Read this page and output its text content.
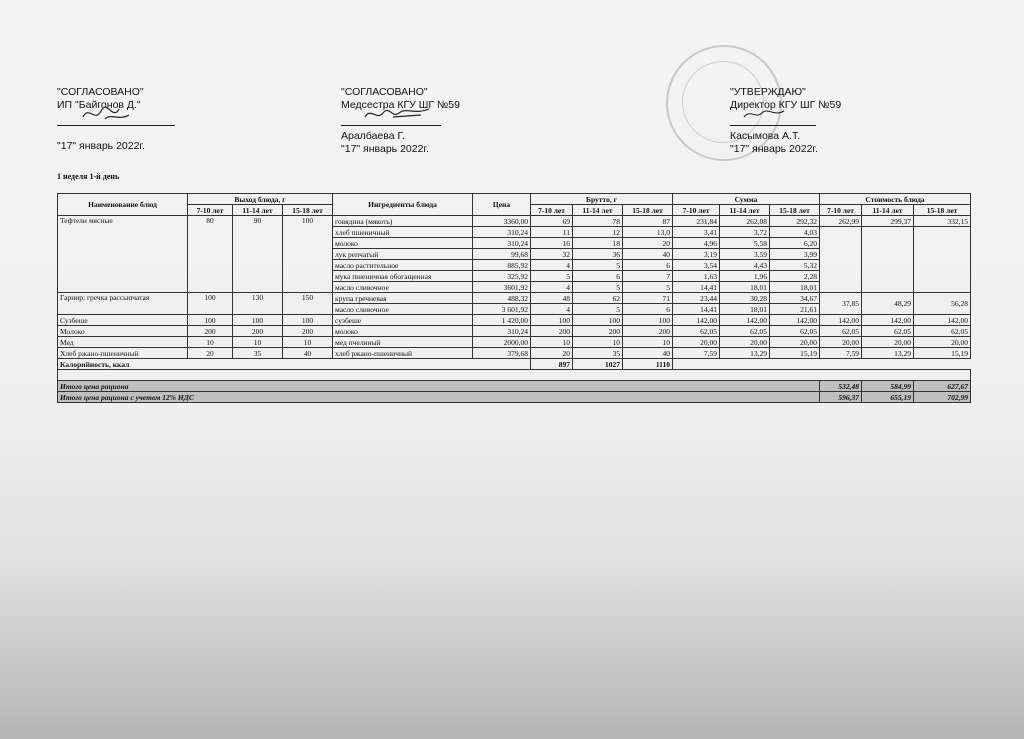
"СОГЛАСОВАНО"
ИП "Байгонов Д."
"17" январь 2022г.
"СОГЛАСОВАНО"
Медсестра КГУ ШГ №59
Аралбаева Г.
"17" январь 2022г.
"УТВЕРЖДАЮ"
Директор КГУ ШГ №59
Касымова А.Т.
"17" январь 2022г.
1 неделя 1-й день
Наименование блюд	Выход блюда, г			Ингредиенты блюда	Цена	Брутто, г			Сумма			Стоимость блюда		
	7-10 лет	11-14 лет	15-18 лет			7-10 лет	11-14 лет	15-18 лет	7-10 лет	11-14 лет	15-18 лет	7-10 лет	11-14 лет	15-18 лет
Тефтели мясные	80	90	100	говядина (мякоть)	3360,00	69	78	87	231,84	262,08	292,32	262,99	299,37	332,15
				хлеб пшеничный	310,24	11	12	13,0	3,41	3,72	4,03			
				молоко	310,24	16	18	20	4,96	5,58	6,20			
				лук репчатый	99,68	32	36	40	3,19	3,59	3,99			
				масло растительное	885,92	4	5	6	3,54	4,43	5,32			
				мука пшеничная обогащенная	325,92	5	6	7	1,63	1,96	2,28			
				масло сливочное	3601,92	4	5	5	14,41	18,01	18,01			
Гарнир: гречка рассыпчатая	100	130	150	крупа гречневая	488,32	48	62	71	23,44	30,28	34,67	37,85	48,29	56,28
				масло сливочное	3 601,92	4	5	6	14,41	18,01	21,61			
Сузбеше	100	100	100	сузбеше	1 420,00	100	100	100	142,00	142,00	142,00	142,00	142,00	142,00
Молоко	200	200	200	молоко	310,24	200	200	200	62,05	62,05	62,05	62,05	62,05	62,05
Мед	10	10	10	мед пчелиный	2000,00	10	10	10	20,00	20,00	20,00	20,00	20,00	20,00
Хлеб ржано-пшеничный	20	35	40	хлеб ржано-пшеничный	379,68	20	35	40	7,59	13,29	15,19	7,59	13,29	15,19
Калорийность, ккал						897	1027	1110						

Итого цена рациона												532,48	584,99	627,67
Итого цена рациона с учетом 12% НДС												596,37	655,19	702,99
